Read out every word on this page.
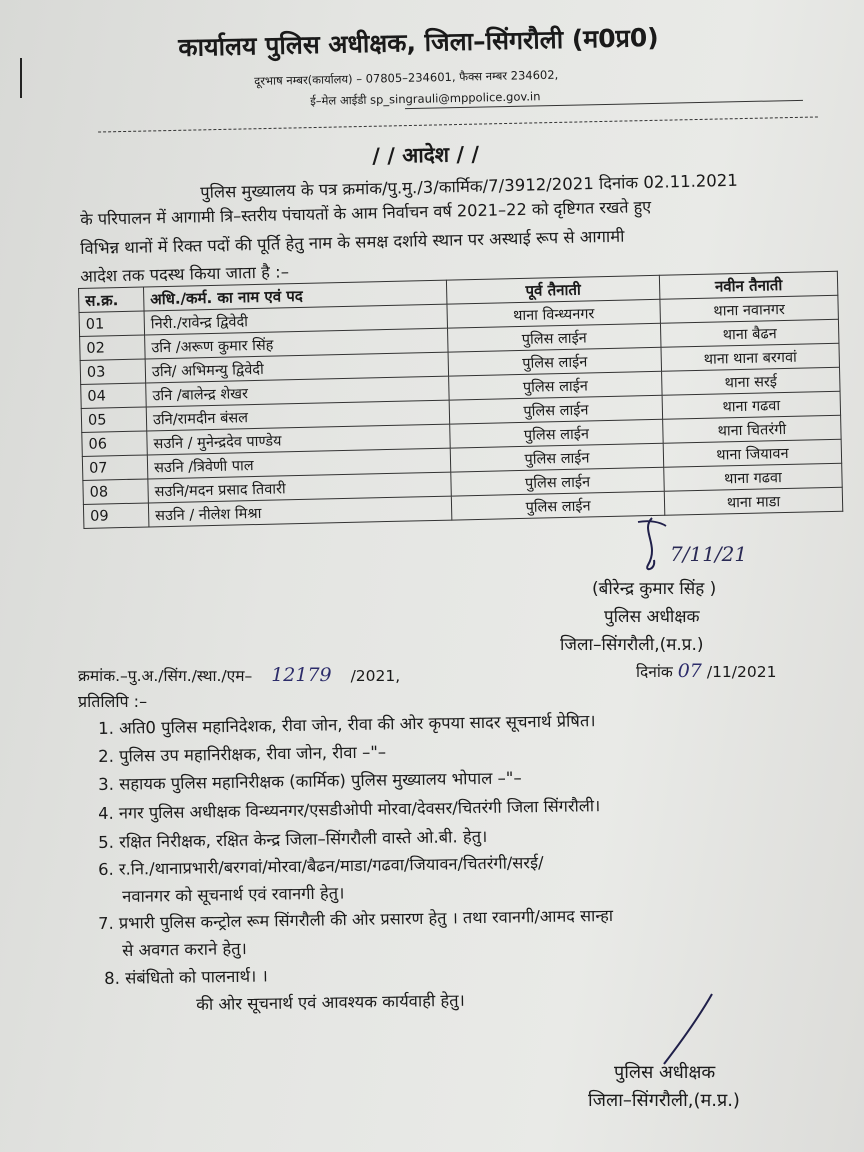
कार्यालय पुलिस अधीक्षक, जिला–सिंगरौली (म0प्र0)
दूरभाष नम्बर(कार्यालय) – 07805–234601, फैक्स नम्बर 234602,
ई–मेल आईडी sp_singrauli@mppolice.gov.in
/ / आदेश / /
पुलिस मुख्यालय के पत्र क्रमांक/पु.मु./3/कार्मिक/7/3912/2021 दिनांक 02.11.2021
के परिपालन में आगामी त्रि–स्तरीय पंचायतों के आम निर्वाचन वर्ष 2021–22 को दृष्टिगत रखते हुए
विभिन्न थानों में रिक्त पदों की पूर्ति हेतु नाम के समक्ष दर्शाये स्थान पर अस्थाई रूप से आगामी
आदेश तक पदस्थ किया जाता है :–
स.क्र.	अधि./कर्म. का नाम एवं पद	पूर्व तैनाती	नवीन तैनाती
01	निरी./रावेन्द्र द्विवेदी	थाना विन्ध्यनगर	थाना नवानगर
02	उनि /अरूण कुमार सिंह	पुलिस लाईन	थाना बैढन
03	उनि/ अभिमन्यु द्विवेदी	पुलिस लाईन	थाना थाना बरगवां
04	उनि /बालेन्द्र शेखर	पुलिस लाईन	थाना सरई
05	उनि/रामदीन बंसल	पुलिस लाईन	थाना गढवा
06	सउनि / मुनेन्द्रदेव पाण्डेय	पुलिस लाईन	थाना चितरंगी
07	सउनि /त्रिवेणी पाल	पुलिस लाईन	थाना जियावन
08	सउनि/मदन प्रसाद तिवारी	पुलिस लाईन	थाना गढवा
09	सउनि / नीलेश मिश्रा	पुलिस लाईन	थाना माडा
7/11/21
(बीरेन्द्र कुमार सिंह )
पुलिस अधीक्षक
जिला–सिंगरौली,(म.प्र.)
क्रमांक.–पु.अ./सिंग./स्था./एम– 12179 /2021,	दिनांक 07 /11/2021
प्रतिलिपि :–
1. अति0 पुलिस महानिदेशक, रीवा जोन, रीवा की ओर कृपया सादर सूचनार्थ प्रेषित।
2. पुलिस उप महानिरीक्षक, रीवा जोन, रीवा –"–
3. सहायक पुलिस महानिरीक्षक (कार्मिक) पुलिस मुख्यालय भोपाल –"–
4. नगर पुलिस अधीक्षक विन्ध्यनगर/एसडीओपी मोरवा/देवसर/चितरंगी जिला सिंगरौली।
5. रक्षित निरीक्षक, रक्षित केन्द्र जिला–सिंगरौली वास्ते ओ.बी. हेतु।
6. र.नि./थानाप्रभारी/बरगवां/मोरवा/बैढन/माडा/गढवा/जियावन/चितरंगी/सरई/
नवानगर को सूचनार्थ एवं रवानगी हेतु।
7. प्रभारी पुलिस कन्ट्रोल रूम सिंगरौली की ओर प्रसारण हेतु । तथा रवानगी/आमद सान्हा
से अवगत कराने हेतु।
8. संबंधितो को पालनार्थ। ।
की ओर सूचनार्थ एवं आवश्यक कार्यवाही हेतु।
पुलिस अधीक्षक
जिला–सिंगरौली,(म.प्र.)
